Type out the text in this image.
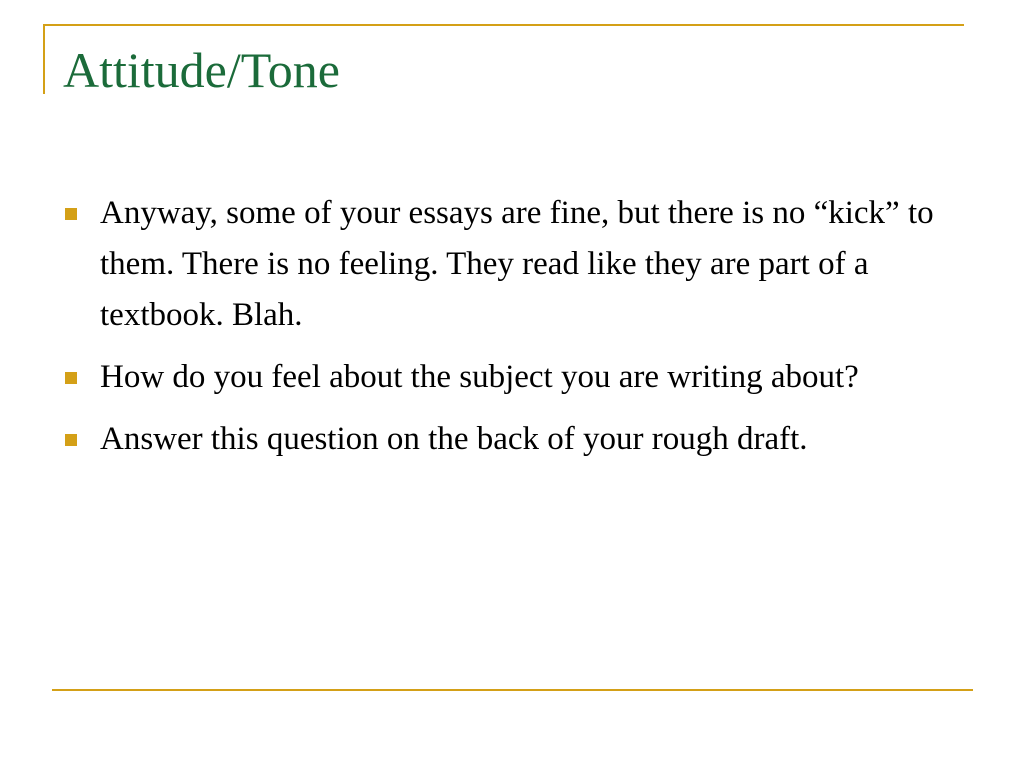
Attitude/Tone
Anyway, some of your essays are fine, but there is no “kick” to them. There is no feeling. They read like they are part of a textbook. Blah.
How do you feel about the subject you are writing about?
Answer this question on the back of your rough draft.
